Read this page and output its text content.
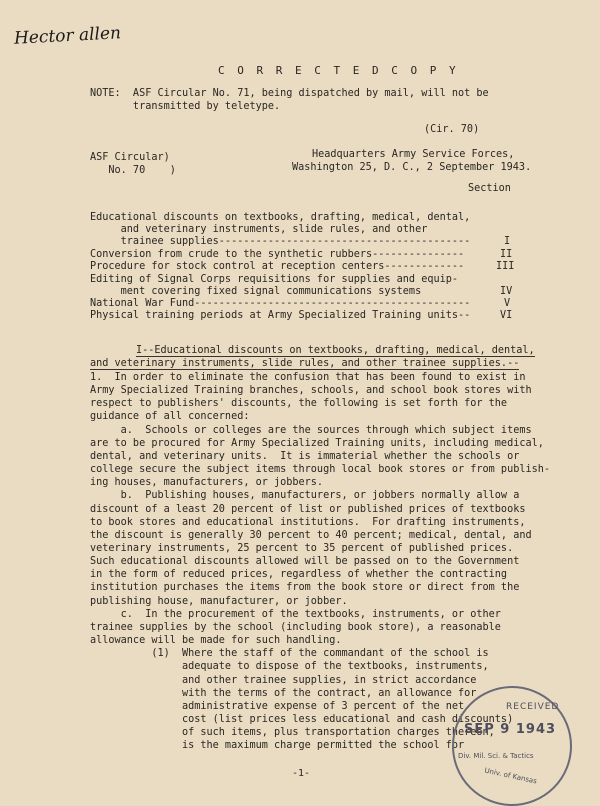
Hector allen
C O R R E C T E D C O P Y
NOTE:  ASF Circular No. 71, being dispatched by mail, will not be
transmitted by teletype.
(Cir. 70)
ASF Circular)
No. 70    )
Headquarters Army Service Forces,
Washington 25, D. C., 2 September 1943.
Section
Educational discounts on textbooks, drafting, medical, dental,
and veterinary instruments, slide rules, and other
trainee supplies-----------------------------------------	I
Conversion from crude to the synthetic rubbers---------------	II
Procedure for stock control at reception centers-------------	III
Editing of Signal Corps requisitions for supplies and equip-
ment covering fixed signal communications systems	IV
National War Fund---------------------------------------------	V
Physical training periods at Army Specialized Training units--	VI
I--Educational discounts on textbooks, drafting, medical, dental,
and veterinary instruments, slide rules, and other trainee supplies.--
1.  In order to eliminate the confusion that has been found to exist in
Army Specialized Training branches, schools, and school book stores with
respect to publishers' discounts, the following is set forth for the
guidance of all concerned:
a.  Schools or colleges are the sources through which subject items
are to be procured for Army Specialized Training units, including medical,
dental, and veterinary units.  It is immaterial whether the schools or
college secure the subject items through local book stores or from publish-
ing houses, manufacturers, or jobbers.
b.  Publishing houses, manufacturers, or jobbers normally allow a
discount of a least 20 percent of list or published prices of textbooks
to book stores and educational institutions.  For drafting instruments,
the discount is generally 30 percent to 40 percent; medical, dental, and
veterinary instruments, 25 percent to 35 percent of published prices.
Such educational discounts allowed will be passed on to the Government
in the form of reduced prices, regardless of whether the contracting
institution purchases the items from the book store or direct from the
publishing house, manufacturer, or jobber.
c.  In the procurement of the textbooks, instruments, or other
trainee supplies by the school (including book store), a reasonable
allowance will be made for such handling.
(1)  Where the staff of the commandant of the school is
adequate to dispose of the textbooks, instruments,
and other trainee supplies, in strict accordance
with the terms of the contract, an allowance for
administrative expense of 3 percent of the net
cost (list prices less educational and cash discounts)
of such items, plus transportation charges thereon,
is the maximum charge permitted the school for
-1-
RECEIVED
SEP 9 1943
Div. Mil. Sci. & Tactics
Univ. of Kansas
